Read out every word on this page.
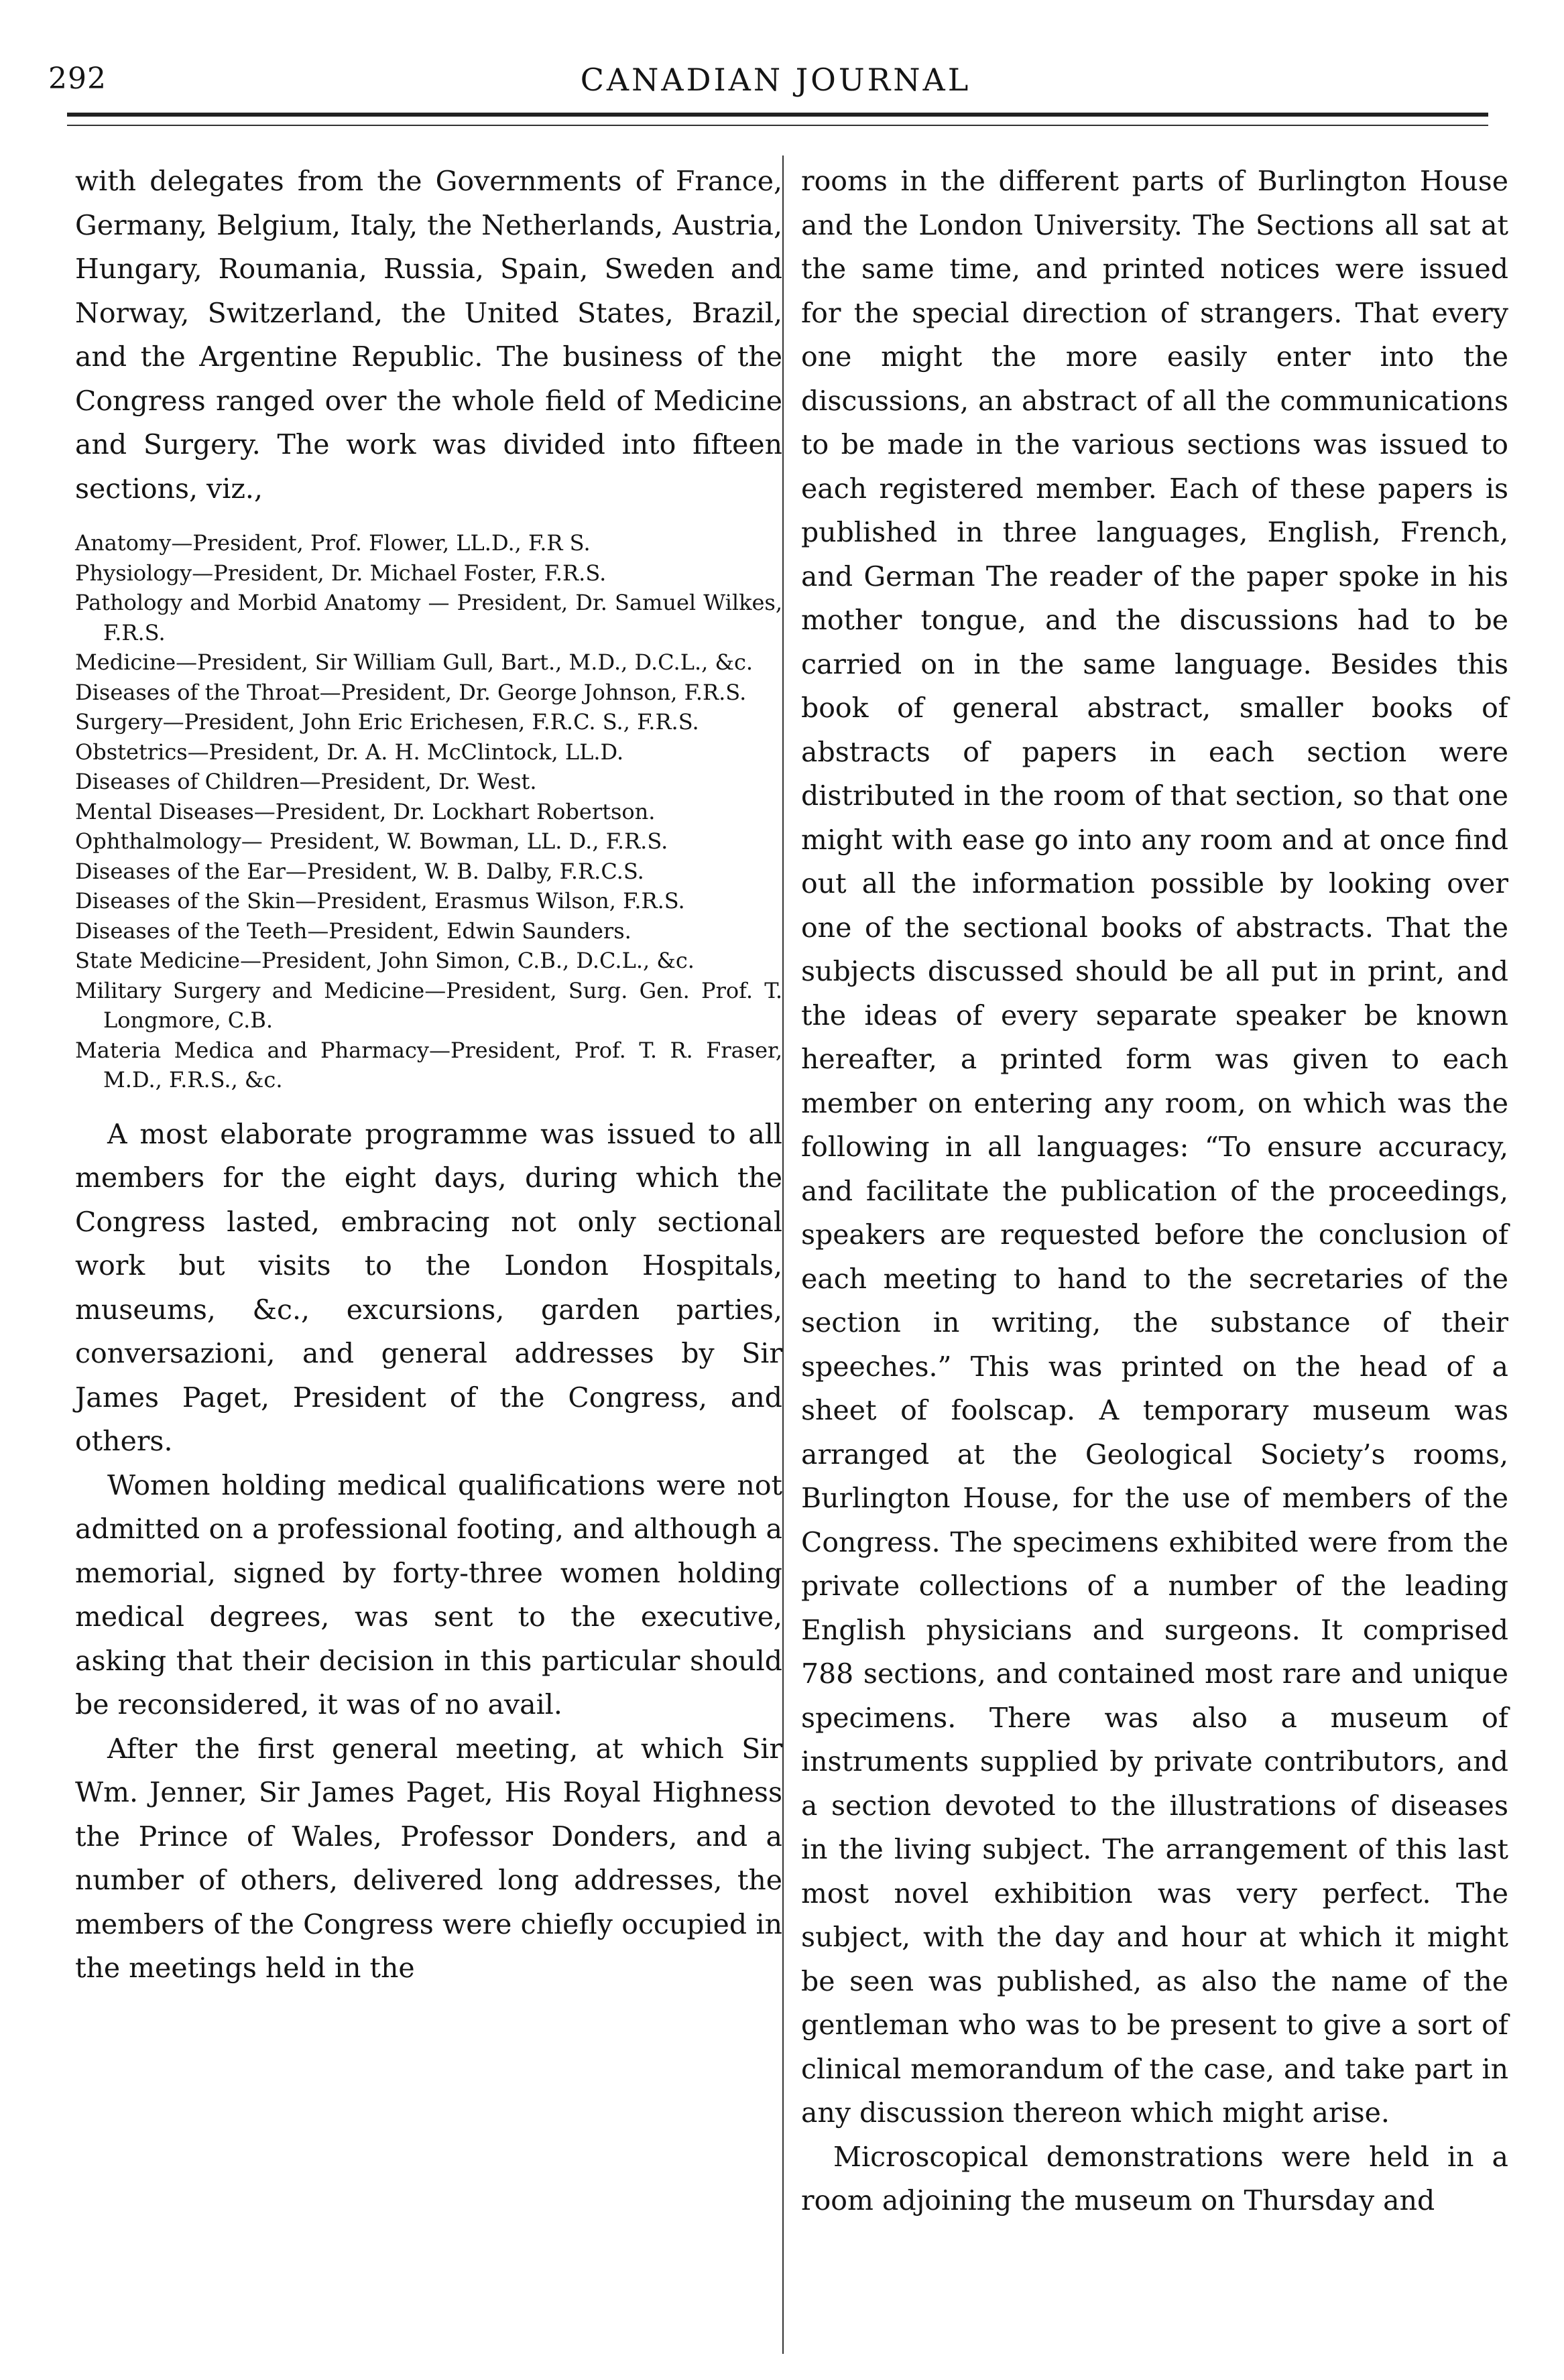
292	CANADIAN JOURNAL

with delegates from the Governments of France, Germany, Belgium, Italy, the Netherlands, Austria, Hungary, Roumania, Russia, Spain, Sweden and Norway, Switzerland, the United States, Brazil, and the Argentine Republic. The business of the Congress ranged over the whole field of Medicine and Surgery. The work was divided into fifteen sections, viz.,

Anatomy—President, Prof. Flower, LL.D., F.R S.
Physiology—President, Dr. Michael Foster, F.R.S.
Pathology and Morbid Anatomy — President, Dr. Samuel Wilkes, F.R.S.
Medicine—President, Sir William Gull, Bart., M.D., D.C.L., &c.
Diseases of the Throat—President, Dr. George Johnson, F.R.S.
Surgery—President, John Eric Erichesen, F.R.C. S., F.R.S.
Obstetrics—President, Dr. A. H. McClintock, LL.D.
Diseases of Children—President, Dr. West.
Mental Diseases—President, Dr. Lockhart Robertson.
Ophthalmology— President, W. Bowman, LL. D., F.R.S.
Diseases of the Ear—President, W. B. Dalby, F.R.C.S.
Diseases of the Skin—President, Erasmus Wilson, F.R.S.
Diseases of the Teeth—President, Edwin Saunders.
State Medicine—President, John Simon, C.B., D.C.L., &c.
Military Surgery and Medicine—President, Surg. Gen. Prof. T. Longmore, C.B.
Materia Medica and Pharmacy—President, Prof. T. R. Fraser, M.D., F.R.S., &c.

A most elaborate programme was issued to all members for the eight days, during which the Congress lasted, embracing not only sectional work but visits to the London Hospitals, museums, &c., excursions, garden parties, conversazioni, and general addresses by Sir James Paget, President of the Congress, and others.

Women holding medical qualifications were not admitted on a professional footing, and although a memorial, signed by forty-three women holding medical degrees, was sent to the executive, asking that their decision in this particular should be reconsidered, it was of no avail.

After the first general meeting, at which Sir Wm. Jenner, Sir James Paget, His Royal Highness the Prince of Wales, Professor Donders, and a number of others, delivered long addresses, the members of the Congress were chiefly occupied in the meetings held in the

rooms in the different parts of Burlington House and the London University. The Sections all sat at the same time, and printed notices were issued for the special direction of strangers. That every one might the more easily enter into the discussions, an abstract of all the communications to be made in the various sections was issued to each registered member. Each of these papers is published in three languages, English, French, and German The reader of the paper spoke in his mother tongue, and the discussions had to be carried on in the same language. Besides this book of general abstract, smaller books of abstracts of papers in each section were distributed in the room of that section, so that one might with ease go into any room and at once find out all the information possible by looking over one of the sectional books of abstracts. That the subjects discussed should be all put in print, and the ideas of every separate speaker be known hereafter, a printed form was given to each member on entering any room, on which was the following in all languages: “To ensure accuracy, and facilitate the publication of the proceedings, speakers are requested before the conclusion of each meeting to hand to the secretaries of the section in writing, the substance of their speeches.” This was printed on the head of a sheet of foolscap. A temporary museum was arranged at the Geological Society’s rooms, Burlington House, for the use of members of the Congress. The specimens exhibited were from the private collections of a number of the leading English physicians and surgeons. It comprised 788 sections, and contained most rare and unique specimens. There was also a museum of instruments supplied by private contributors, and a section devoted to the illustrations of diseases in the living subject. The arrangement of this last most novel exhibition was very perfect. The subject, with the day and hour at which it might be seen was published, as also the name of the gentleman who was to be present to give a sort of clinical memorandum of the case, and take part in any discussion thereon which might arise.

Microscopical demonstrations were held in a room adjoining the museum on Thursday and
